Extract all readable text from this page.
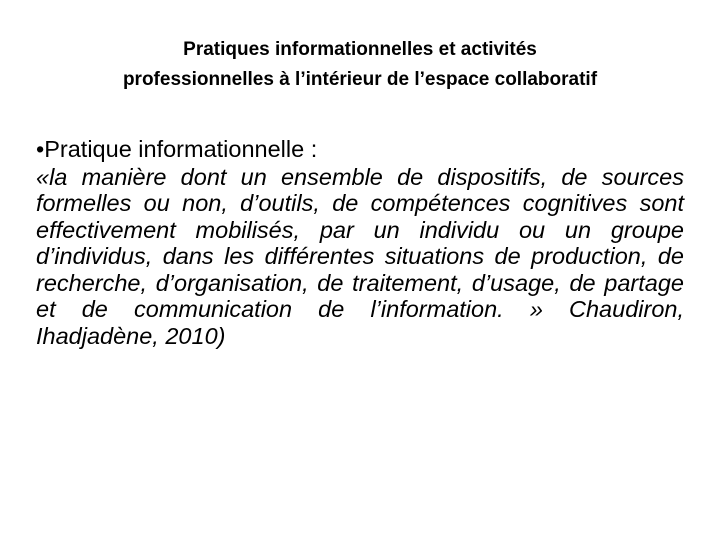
Pratiques informationnelles et activités
professionnelles à l’intérieur de l’espace collaboratif
•Pratique informationnelle :
«la manière dont un ensemble de dispositifs, de sources formelles ou non, d’outils, de compétences cognitives sont effectivement mobilisés, par un individu ou un groupe d’individus, dans les différentes situations de production, de recherche, d’organisation, de traitement, d’usage, de partage et de communication de l’information. » Chaudiron, Ihadjadène, 2010)
